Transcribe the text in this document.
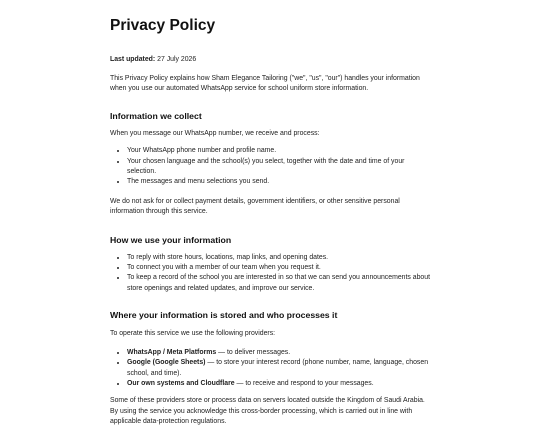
Privacy Policy

Last updated: 27 July 2026

This Privacy Policy explains how Sham Elegance Tailoring ("we", "us", "our") handles your information when you use our automated WhatsApp service for school uniform store information.

Information we collect

When you message our WhatsApp number, we receive and process:

• Your WhatsApp phone number and profile name.
• Your chosen language and the school(s) you select, together with the date and time of your selection.
• The messages and menu selections you send.

We do not ask for or collect payment details, government identifiers, or other sensitive personal information through this service.

How we use your information
• To reply with store hours, locations, map links, and opening dates.
• To connect you with a member of our team when you request it.
• To keep a record of the school you are interested in so that we can send you announcements about store openings and related updates, and improve our service.
Where your information is stored and who processes it

To operate this service we use the following providers:

• WhatsApp / Meta Platforms — to deliver messages.
• Google (Google Sheets) — to store your interest record (phone number, name, language, chosen school, and time).
• Our own systems and Cloudflare — to receive and respond to your messages.

Some of these providers store or process data on servers located outside the Kingdom of Saudi Arabia. By using the service you acknowledge this cross-border processing, which is carried out in line with applicable data-protection regulations.
